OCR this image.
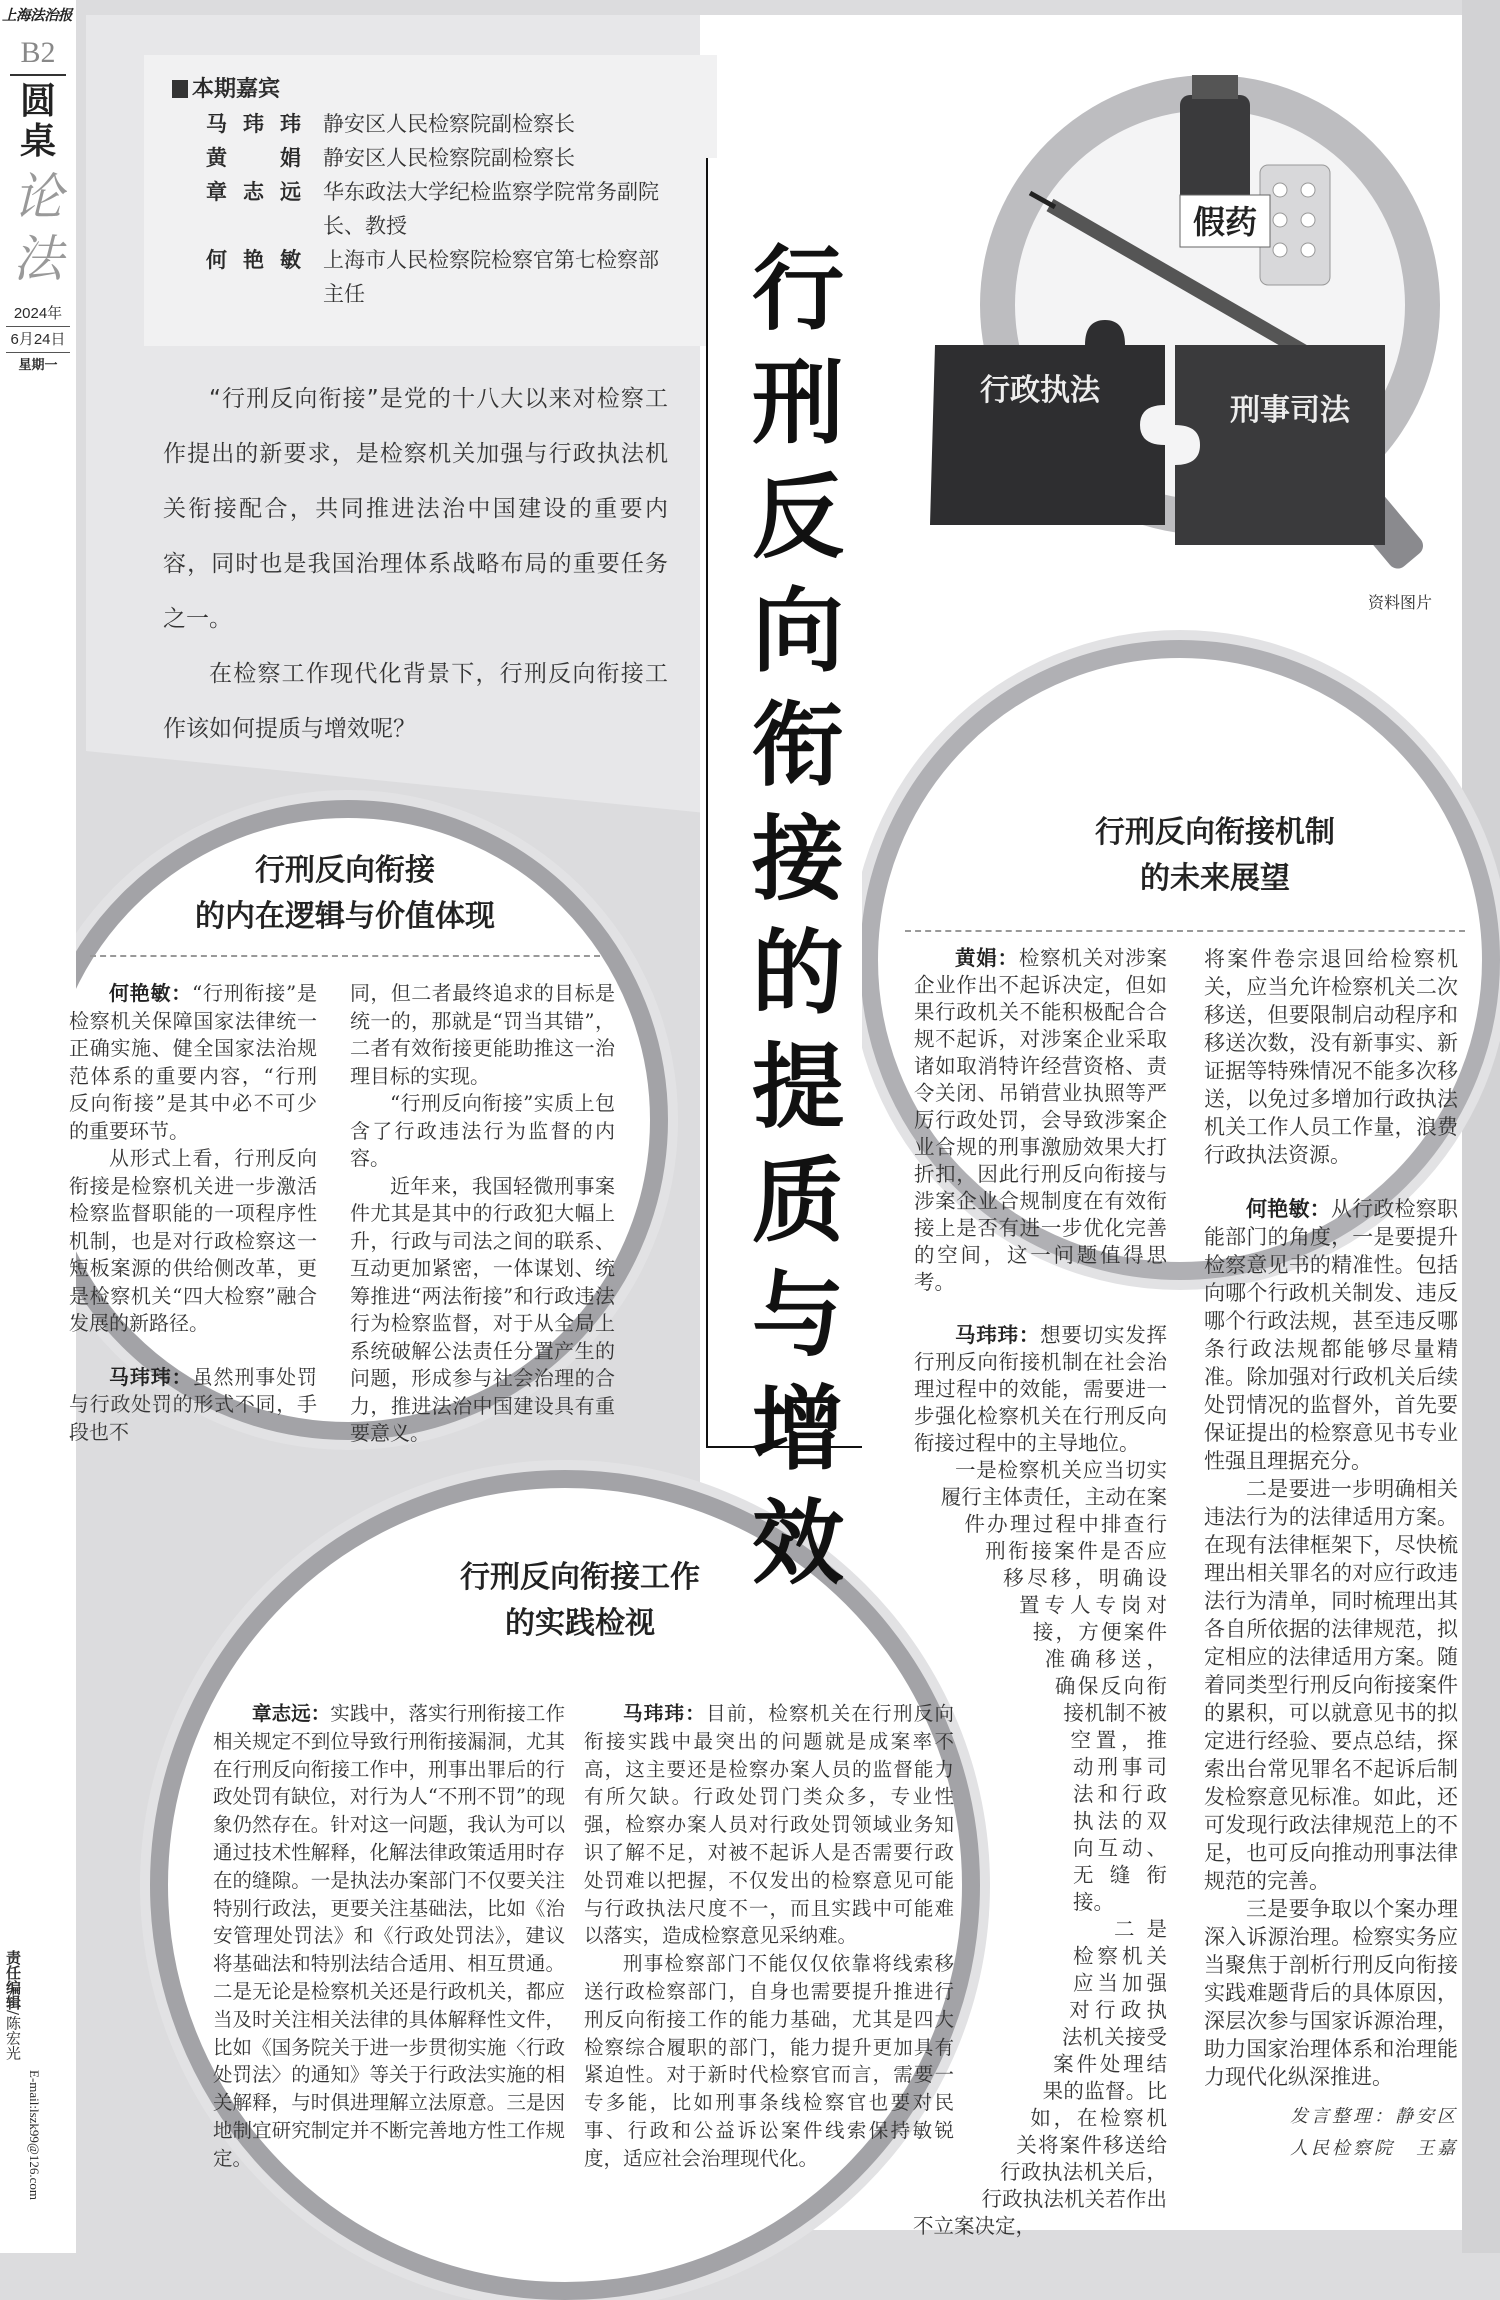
上海法治报
B2
圆桌
论法
2024年
6月24日
星期一
责任编辑/陈宏光
E-mail:lszk99@126.com
本期嘉宾
马玮玮 静安区人民检察院副检察长
黄娟 静安区人民检察院副检察长
章志远 华东政法大学纪检监察学院常务副院长、教授
何艳敏 上海市人民检察院检察官第七检察部主任

“行刑反向衔接”是党的十八大以来对检察工作提出的新要求，是检察机关加强与行政执法机关衔接配合，共同推进法治中国建设的重要内容，同时也是我国治理体系战略布局的重要任务之一。

在检察工作现代化背景下，行刑反向衔接工作该如何提质与增效呢？	行刑反向衔接的提质与增效
假药
行政执法
刑事司法
资料图片
行刑反向衔接
的内在逻辑与价值体现

何艳敏：“行刑衔接”是检察机关保障国家法律统一正确实施、健全国家法治规范体系的重要内容，“行刑反向衔接”是其中必不可少的重要环节。

从形式上看，行刑反向衔接是检察机关进一步激活检察监督职能的一项程序性机制，也是对行政检察这一短板案源的供给侧改革，更是检察机关“四大检察”融合发展的新路径。

马玮玮：虽然刑事处罚与行政处罚的形式不同，手段也不

同，但二者最终追求的目标是统一的，那就是“罚当其错”，二者有效衔接更能助推这一治理目标的实现。

“行刑反向衔接”实质上包含了行政违法行为监督的内容。

近年来，我国轻微刑事案件尤其是其中的行政犯大幅上升，行政与司法之间的联系、互动更加紧密，一体谋划、统筹推进“两法衔接”和行政违法行为检察监督，对于从全局上系统破解公法责任分置产生的问题，形成参与社会治理的合力，推进法治中国建设具有重要意义。

行刑反向衔接工作
的实践检视

章志远：实践中，落实行刑衔接工作相关规定不到位导致行刑衔接漏洞，尤其在行刑反向衔接工作中，刑事出罪后的行政处罚有缺位，对行为人“不刑不罚”的现象仍然存在。针对这一问题，我认为可以通过技术性解释，化解法律政策适用时存在的缝隙。一是执法办案部门不仅要关注特别行政法，更要关注基础法，比如《治安管理处罚法》和《行政处罚法》，建议将基础法和特别法结合适用、相互贯通。二是无论是检察机关还是行政机关，都应当及时关注相关法律的具体解释性文件，比如《国务院关于进一步贯彻实施〈行政处罚法〉的通知》等关于行政法实施的相关解释，与时俱进理解立法原意。三是因地制宜研究制定并不断完善地方性工作规定。

马玮玮：目前，检察机关在行刑反向衔接实践中最突出的问题就是成案率不高，这主要还是检察办案人员的监督能力有所欠缺。行政处罚门类众多，专业性强，检察办案人员对行政处罚领域业务知识了解不足，对被不起诉人是否需要行政处罚难以把握，不仅发出的检察意见可能与行政执法尺度不一，而且实践中可能难以落实，造成检察意见采纳难。

刑事检察部门不能仅仅依靠将线索移送行政检察部门，自身也需要提升推进行刑反向衔接工作的能力基础，尤其是四大检察综合履职的部门，能力提升更加具有紧迫性。对于新时代检察官而言，需要一专多能，比如刑事条线检察官也要对民事、行政和公益诉讼案件线索保持敏锐度，适应社会治理现代化。

行刑反向衔接机制
的未来展望

黄娟：检察机关对涉案企业作出不起诉决定，但如果行政机关不能积极配合合规不起诉，对涉案企业采取诸如取消特许经营资格、责令关闭、吊销营业执照等严厉行政处罚，会导致涉案企业合规的刑事激励效果大打折扣，因此行刑反向衔接与涉案企业合规制度在有效衔接上是否有进一步优化完善的空间，这一问题值得思考。

马玮玮：想要切实发挥行刑反向衔接机制在社会治理过程中的效能，需要进一步强化检察机关在行刑反向衔接过程中的主导地位。

一是检察机关应当切实履行主体责任，主动在案件办理过程中排查行刑衔接案件是否应移尽移，明确设置专人专岗对接，方便案件准确移送，确保反向衔接机制不被空置，推动刑事司法和行政执法的双向互动、无缝衔接。

二是检察机关应当加强对行政执法机关接受案件处理结果的监督。比如，在检察机关将案件移送给行政执法机关后，行政执法机关若作出不立案决定，

将案件卷宗退回给检察机关，应当允许检察机关二次移送，但要限制启动程序和移送次数，没有新事实、新证据等特殊情况不能多次移送，以免过多增加行政执法机关工作人员工作量，浪费行政执法资源。

何艳敏：从行政检察职能部门的角度，一是要提升检察意见书的精准性。包括向哪个行政机关制发、违反哪个行政法规，甚至违反哪条行政法规都能够尽量精准。除加强对行政机关后续处罚情况的监督外，首先要保证提出的检察意见书专业性强且理据充分。

二是要进一步明确相关违法行为的法律适用方案。在现有法律框架下，尽快梳理出相关罪名的对应行政违法行为清单，同时梳理出其各自所依据的法律规范，拟定相应的法律适用方案。随着同类型行刑反向衔接案件的累积，可以就意见书的拟定进行经验、要点总结，探索出台常见罪名不起诉后制发检察意见标准。如此，还可发现行政法律规范上的不足，也可反向推动刑事法律规范的完善。

三是要争取以个案办理深入诉源治理。检察实务应当聚焦于剖析行刑反向衔接实践难题背后的具体原因，深层次参与国家诉源治理，助力国家治理体系和治理能力现代化纵深推进。

发言整理：静安区
人民检察院　王嘉
